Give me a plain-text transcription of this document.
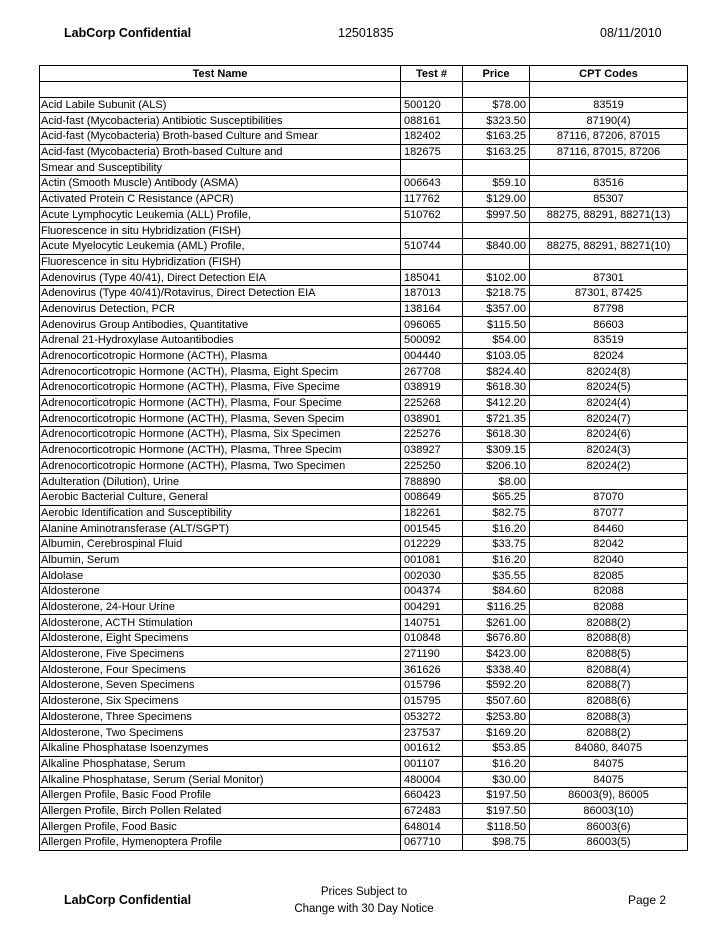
LabCorp Confidential	12501835	08/11/2010
Test Name	Test #	Price	CPT Codes

Acid Labile Subunit (ALS)	500120	$78.00	83519
Acid-fast (Mycobacteria) Antibiotic Susceptibilities	088161	$323.50	87190(4)
Acid-fast (Mycobacteria) Broth-based Culture and Smear	182402	$163.25	87116, 87206, 87015
Acid-fast (Mycobacteria) Broth-based Culture and	182675	$163.25	87116, 87015, 87206
Smear and Susceptibility			
Actin (Smooth Muscle) Antibody (ASMA)	006643	$59.10	83516
Activated Protein C Resistance (APCR)	117762	$129.00	85307
Acute Lymphocytic Leukemia (ALL) Profile,	510762	$997.50	88275, 88291, 88271(13)
Fluorescence in situ Hybridization (FISH)			
Acute Myelocytic Leukemia (AML) Profile,	510744	$840.00	88275, 88291, 88271(10)
Fluorescence in situ Hybridization (FISH)			
Adenovirus (Type 40/41), Direct Detection EIA	185041	$102.00	87301
Adenovirus (Type 40/41)/Rotavirus, Direct Detection EIA	187013	$218.75	87301, 87425
Adenovirus Detection, PCR	138164	$357.00	87798
Adenovirus Group Antibodies, Quantitative	096065	$115.50	86603
Adrenal 21-Hydroxylase Autoantibodies	500092	$54.00	83519
Adrenocorticotropic Hormone (ACTH), Plasma	004440	$103.05	82024
Adrenocorticotropic Hormone (ACTH), Plasma, Eight Specim	267708	$824.40	82024(8)
Adrenocorticotropic Hormone (ACTH), Plasma, Five Specime	038919	$618.30	82024(5)
Adrenocorticotropic Hormone (ACTH), Plasma, Four Specime	225268	$412.20	82024(4)
Adrenocorticotropic Hormone (ACTH), Plasma, Seven Specim	038901	$721.35	82024(7)
Adrenocorticotropic Hormone (ACTH), Plasma, Six Specimen	225276	$618.30	82024(6)
Adrenocorticotropic Hormone (ACTH), Plasma, Three Specim	038927	$309.15	82024(3)
Adrenocorticotropic Hormone (ACTH), Plasma, Two Specimen	225250	$206.10	82024(2)
Adulteration (Dilution), Urine	788890	$8.00	
Aerobic Bacterial Culture, General	008649	$65.25	87070
Aerobic Identification and Susceptibility	182261	$82.75	87077
Alanine Aminotransferase (ALT/SGPT)	001545	$16.20	84460
Albumin, Cerebrospinal Fluid	012229	$33.75	82042
Albumin, Serum	001081	$16.20	82040
Aldolase	002030	$35.55	82085
Aldosterone	004374	$84.60	82088
Aldosterone, 24-Hour Urine	004291	$116.25	82088
Aldosterone, ACTH Stimulation	140751	$261.00	82088(2)
Aldosterone, Eight Specimens	010848	$676.80	82088(8)
Aldosterone, Five Specimens	271190	$423.00	82088(5)
Aldosterone, Four Specimens	361626	$338.40	82088(4)
Aldosterone, Seven Specimens	015796	$592.20	82088(7)
Aldosterone, Six Specimens	015795	$507.60	82088(6)
Aldosterone, Three Specimens	053272	$253.80	82088(3)
Aldosterone, Two Specimens	237537	$169.20	82088(2)
Alkaline Phosphatase Isoenzymes	001612	$53.85	84080, 84075
Alkaline Phosphatase, Serum	001107	$16.20	84075
Alkaline Phosphatase, Serum (Serial Monitor)	480004	$30.00	84075
Allergen Profile, Basic Food Profile	660423	$197.50	86003(9), 86005
Allergen Profile, Birch Pollen Related	672483	$197.50	86003(10)
Allergen Profile, Food Basic	648014	$118.50	86003(6)
Allergen Profile, Hymenoptera Profile	067710	$98.75	86003(5)
LabCorp Confidential
Prices Subject to
Change with 30 Day Notice
Page 2
